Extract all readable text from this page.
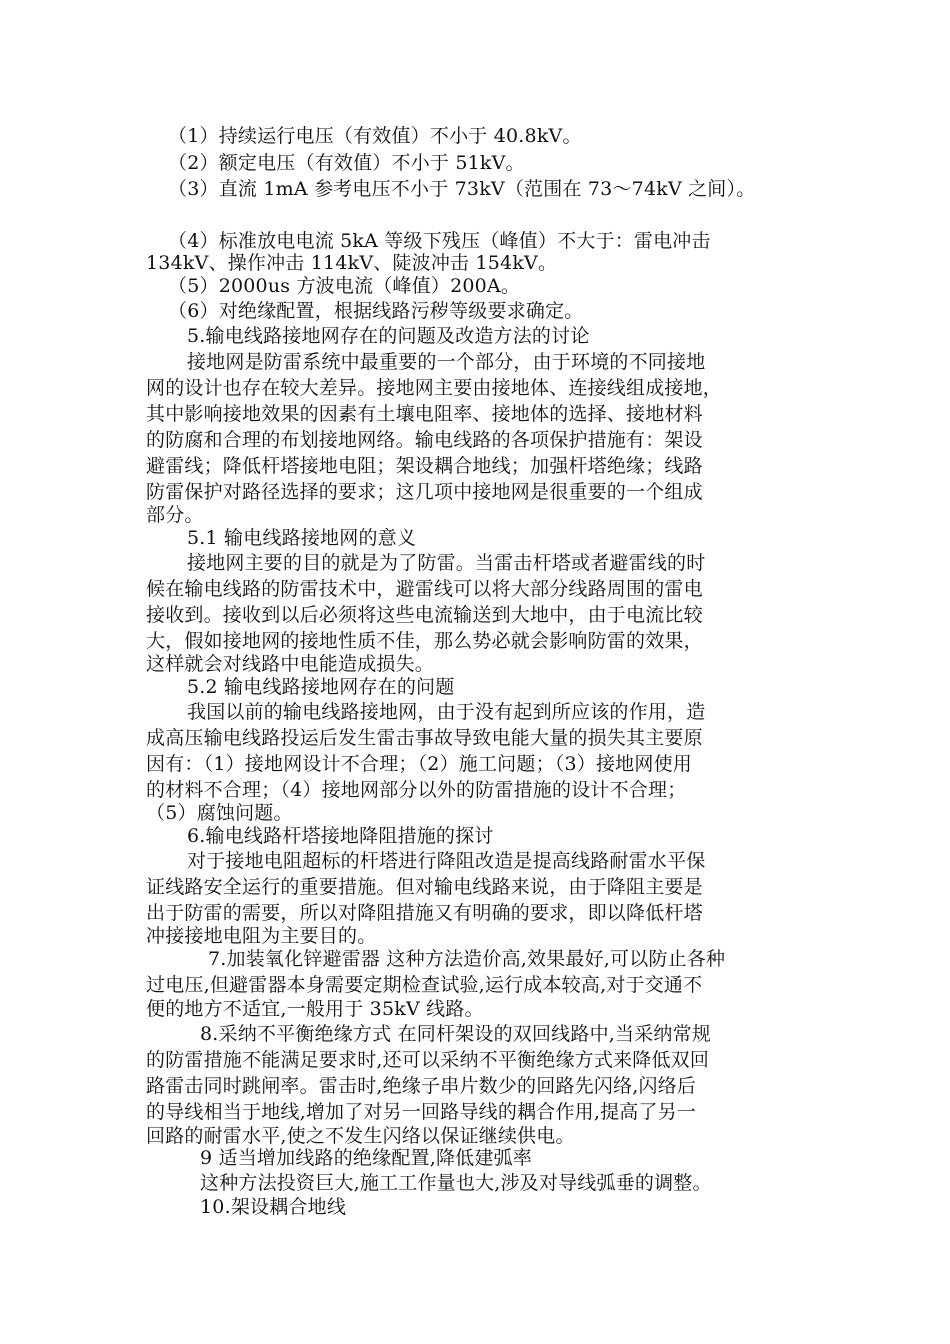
（1）持续运行电压（有效值）不小于 40.8kV。
（2）额定电压（有效值）不小于 51kV。
（3）直流 1mA 参考电压不小于 73kV（范围在 73～74kV 之间）。
（4）标准放电电流 5kA 等级下残压（峰值）不大于：雷电冲击
134kV、操作冲击 114kV、陡波冲击 154kV。
（5）2000us 方波电流（峰值）200A。
（6）对绝缘配置，根据线路污秽等级要求确定。
5.输电线路接地网存在的问题及改造方法的讨论
接地网是防雷系统中最重要的一个部分，由于环境的不同接地
网的设计也存在较大差异。接地网主要由接地体、连接线组成接地，
其中影响接地效果的因素有土壤电阻率、接地体的选择、接地材料
的防腐和合理的布划接地网络。输电线路的各项保护措施有：架设
避雷线；降低杆塔接地电阻；架设耦合地线；加强杆塔绝缘；线路
防雷保护对路径选择的要求；这几项中接地网是很重要的一个组成
部分。
5.1 输电线路接地网的意义
接地网主要的目的就是为了防雷。当雷击杆塔或者避雷线的时
候在输电线路的防雷技术中，避雷线可以将大部分线路周围的雷电
接收到。接收到以后必须将这些电流输送到大地中，由于电流比较
大，假如接地网的接地性质不佳，那么势必就会影响防雷的效果，
这样就会对线路中电能造成损失。
5.2 输电线路接地网存在的问题
我国以前的输电线路接地网，由于没有起到所应该的作用，造
成高压输电线路投运后发生雷击事故导致电能大量的损失其主要原
因有：（1）接地网设计不合理；（2）施工问题；（3）接地网使用
的材料不合理；（4）接地网部分以外的防雷措施的设计不合理；
（5）腐蚀问题。
6.输电线路杆塔接地降阻措施的探讨
对于接地电阻超标的杆塔进行降阻改造是提高线路耐雷水平保
证线路安全运行的重要措施。但对输电线路来说，由于降阻主要是
出于防雷的需要，所以对降阻措施又有明确的要求，即以降低杆塔
冲接接地电阻为主要目的。
7.加装氧化锌避雷器 这种方法造价高,效果最好,可以防止各种
过电压,但避雷器本身需要定期检查试验,运行成本较高,对于交通不
便的地方不适宜,一般用于 35kV 线路。
8.采纳不平衡绝缘方式 在同杆架设的双回线路中,当采纳常规
的防雷措施不能满足要求时,还可以采纳不平衡绝缘方式来降低双回
路雷击同时跳闸率。雷击时,绝缘子串片数少的回路先闪络,闪络后
的导线相当于地线,增加了对另一回路导线的耦合作用,提高了另一
回路的耐雷水平,使之不发生闪络以保证继续供电。
9 适当增加线路的绝缘配置,降低建弧率
这种方法投资巨大,施工工作量也大,涉及对导线弧垂的调整。
10.架设耦合地线
